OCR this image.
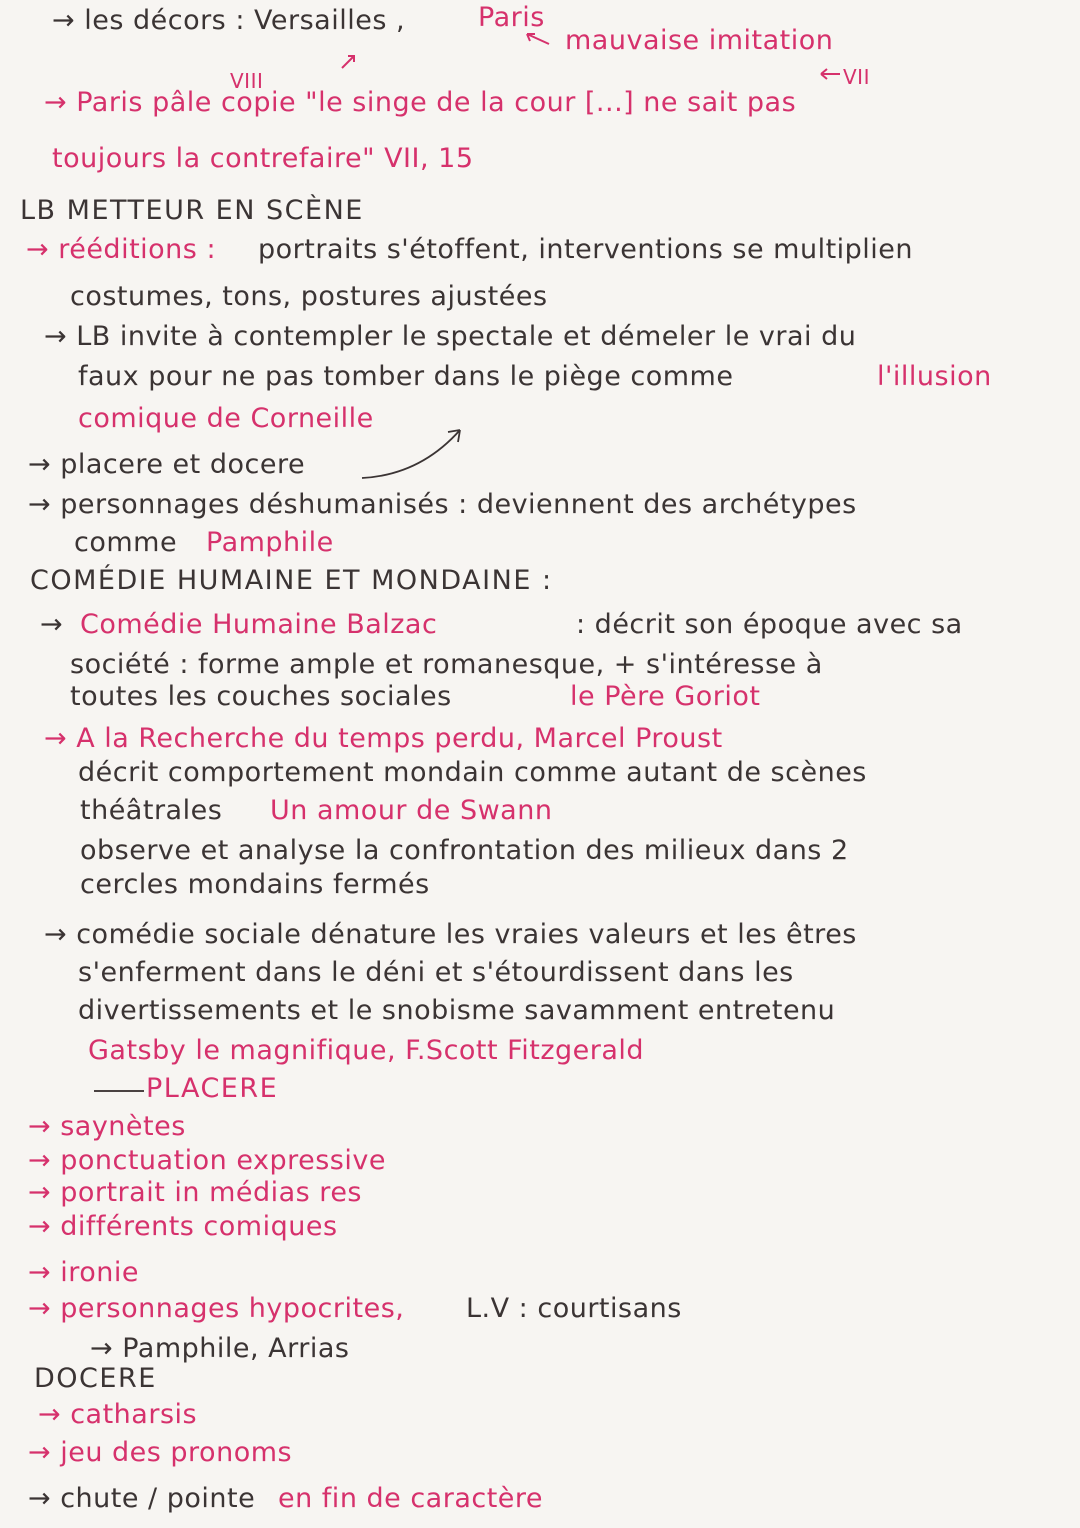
→ les décors : Versailles ,	Paris
mauvaise imitation
VIII	VII
→ Paris pâle copie "le singe de la cour [...] ne sait pas
toujours la contrefaire" VII, 15
LB METTEUR EN SCÈNE
→ rééditions : portraits s'étoffent, interventions se multiplien
costumes, tons, postures ajustées
→ LB invite à contempler le spectale et démeler le vrai du
faux pour ne pas tomber dans le piège comme	l'illusion
comique de Corneille
→ placere et docere
→ personnages déshumanisés : deviennent des archétypes
comme Pamphile
COMÉDIE HUMAINE ET MONDAINE :
→ Comédie Humaine Balzac	: décrit son époque avec sa
société : forme ample et romanesque, + s'intéresse à
toutes les couches sociales	le Père Goriot
→ A la Recherche du temps perdu, Marcel Proust
décrit comportement mondain comme autant de scènes
théâtrales Un amour de Swann
observe et analyse la confrontation des milieux dans 2
cercles mondains fermés
→ comédie sociale dénature les vraies valeurs et les êtres
s'enferment dans le déni et s'étourdissent dans les
divertissements et le snobisme savamment entretenu
Gatsby le magnifique, F.Scott Fitzgerald
PLACERE
→ saynètes
→ ponctuation expressive
→ portrait in médias res
→ différents comiques
→ ironie
→ personnages hypocrites, L.V : courtisans
→ Pamphile, Arrias
DOCERE
→ catharsis
→ jeu des pronoms
→ chute / pointe en fin de caractère
